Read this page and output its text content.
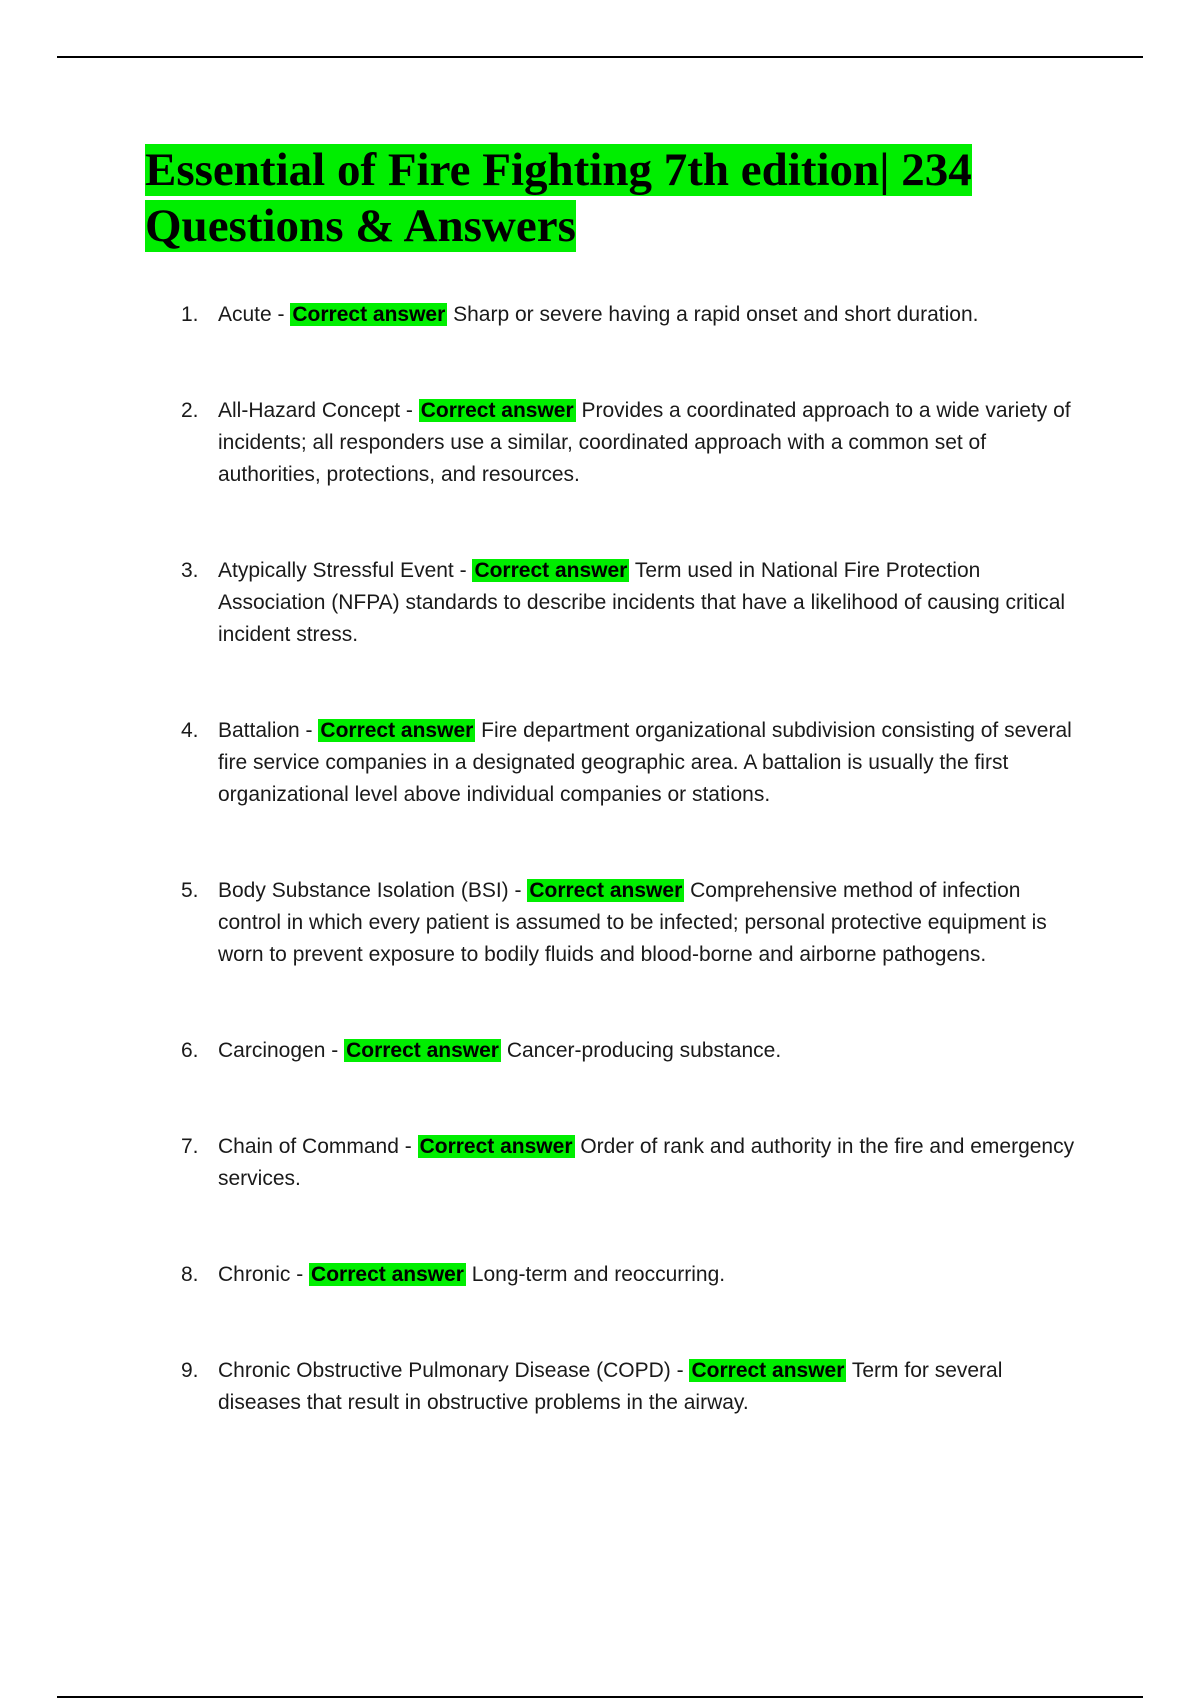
Essential of Fire Fighting 7th edition| 234 Questions & Answers
1. Acute - Correct answer Sharp or severe having a rapid onset and short duration.
2. All-Hazard Concept - Correct answer Provides a coordinated approach to a wide variety of incidents; all responders use a similar, coordinated approach with a common set of authorities, protections, and resources.
3. Atypically Stressful Event - Correct answer Term used in National Fire Protection Association (NFPA) standards to describe incidents that have a likelihood of causing critical incident stress.
4. Battalion - Correct answer Fire department organizational subdivision consisting of several fire service companies in a designated geographic area. A battalion is usually the first organizational level above individual companies or stations.
5. Body Substance Isolation (BSI) - Correct answer Comprehensive method of infection control in which every patient is assumed to be infected; personal protective equipment is worn to prevent exposure to bodily fluids and blood-borne and airborne pathogens.
6. Carcinogen - Correct answer Cancer-producing substance.
7. Chain of Command - Correct answer Order of rank and authority in the fire and emergency services.
8. Chronic - Correct answer Long-term and reoccurring.
9. Chronic Obstructive Pulmonary Disease (COPD) - Correct answer Term for several diseases that result in obstructive problems in the airway.
